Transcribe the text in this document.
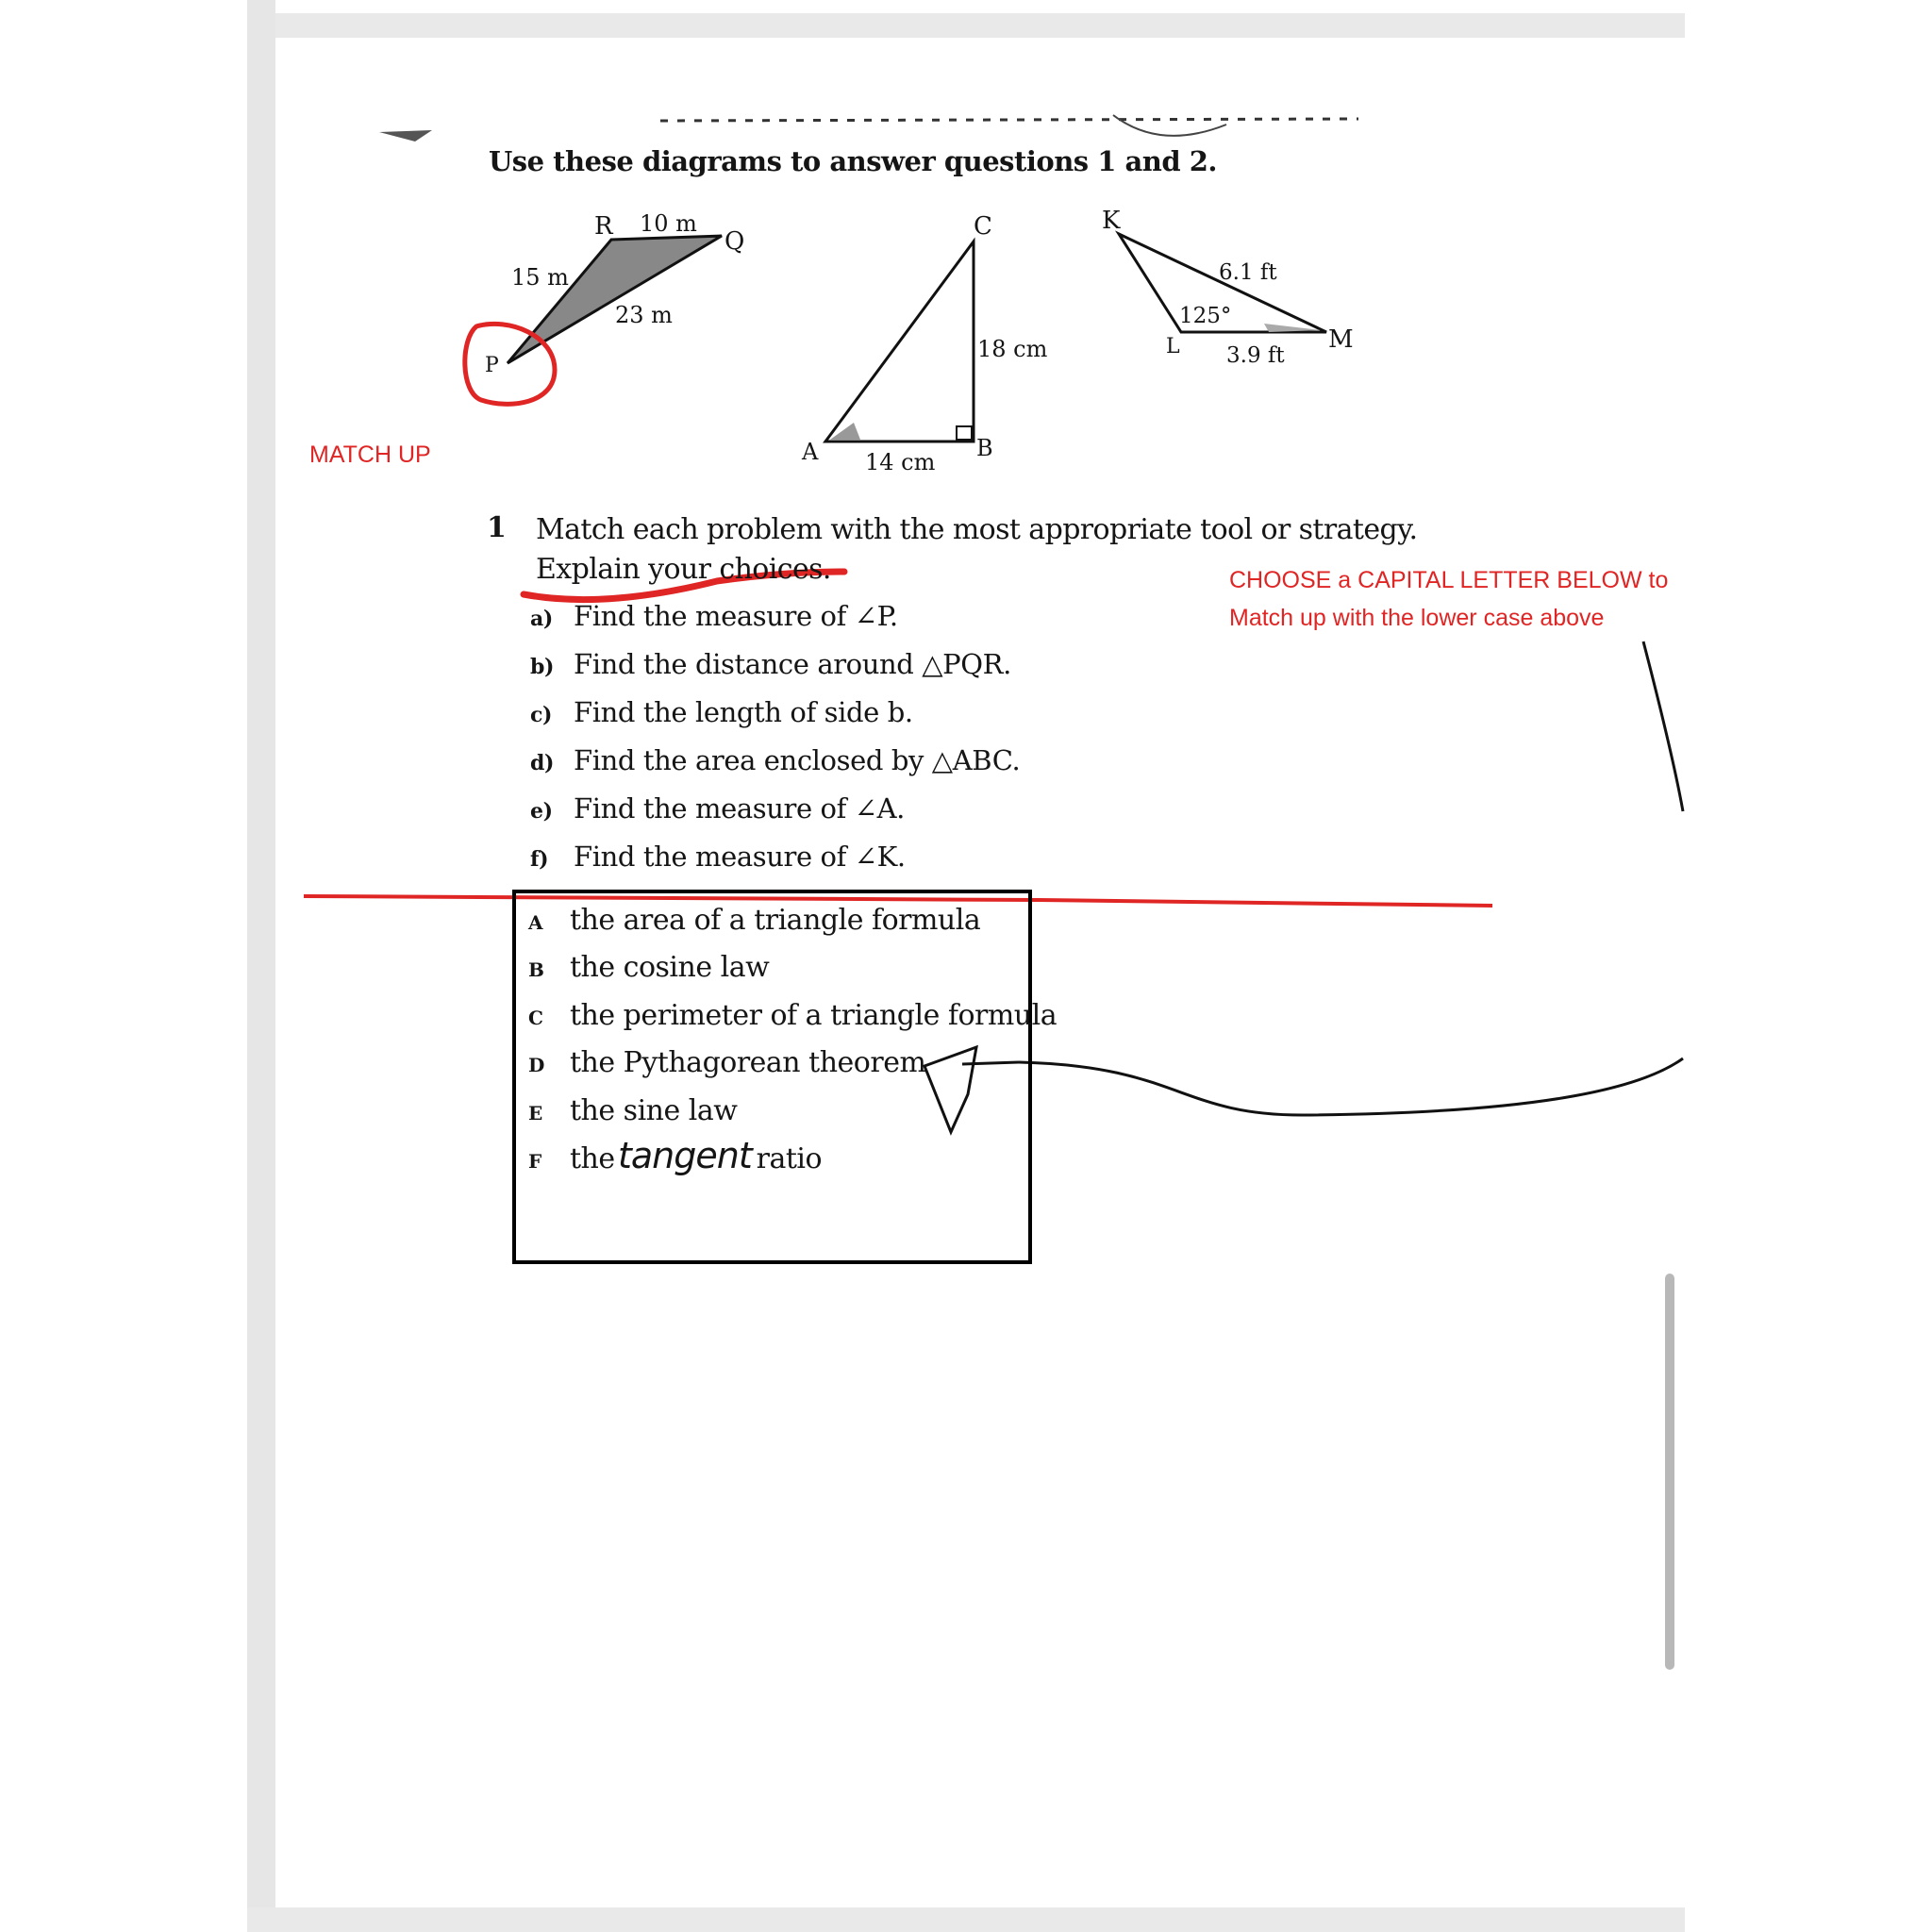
R
Q
P
10 m
15 m
23 m
A	B
C
18 cm
14 cm
K
L	M
6.1 ft
3.9 ft
125°
tangent
Use these diagrams to answer questions 1 and 2.
MATCH UP
CHOOSE a CAPITAL LETTER BELOW to
Match up with the lower case above
1 Match each problem with the most appropriate tool or strategy.
Explain your choices.
a) Find the measure of ∠P.
b) Find the distance around △PQR.
c) Find the length of side b.
d) Find the area enclosed by △ABC.
e) Find the measure of ∠A.
f) Find the measure of ∠K.
A the area of a triangle formula
B the cosine law
C the perimeter of a triangle formula
D the Pythagorean theorem
E the sine law
F the	ratio
